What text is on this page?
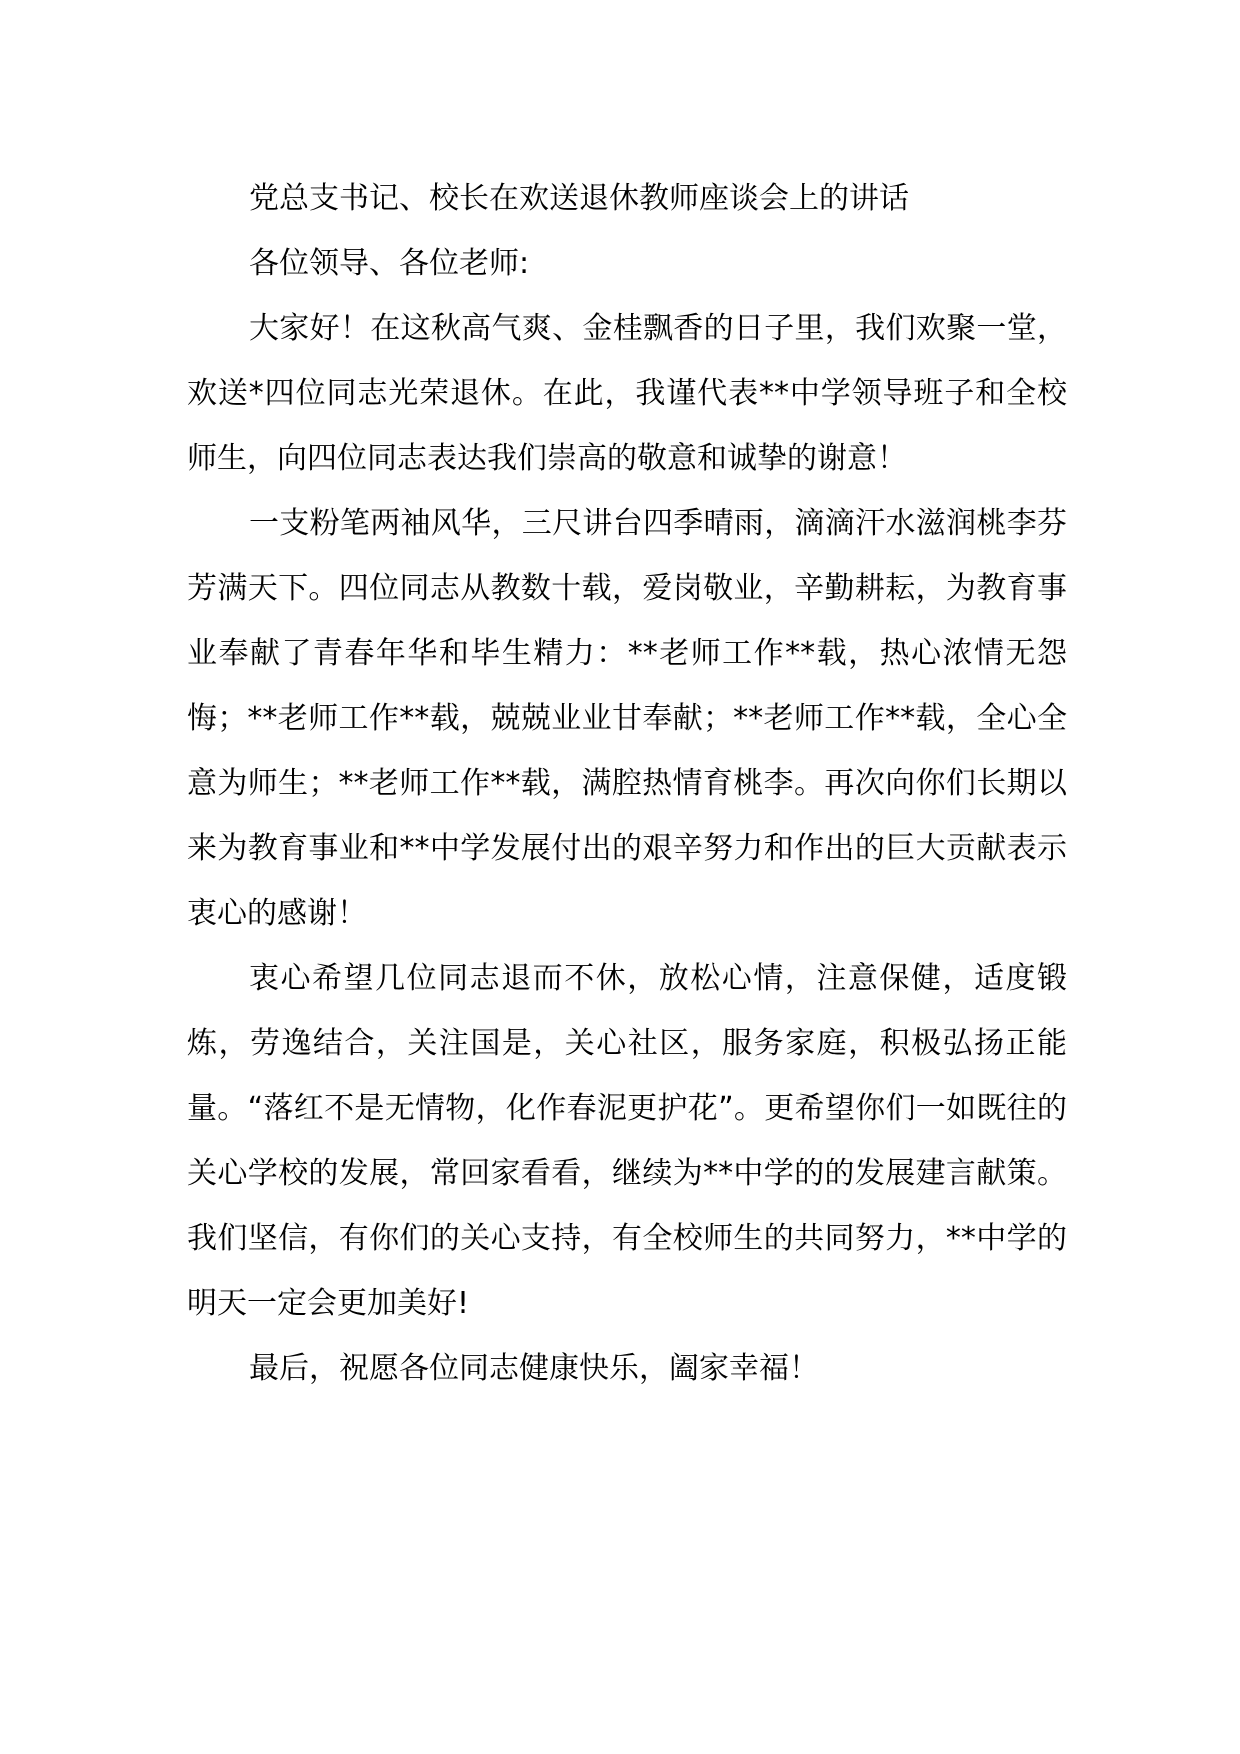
党总支书记、校长在欢送退休教师座谈会上的讲话

各位领导、各位老师:

大家好！在这秋高气爽、金桂飘香的日子里，我们欢聚一堂，欢送*四位同志光荣退休。在此，我谨代表**中学领导班子和全校师生，向四位同志表达我们崇高的敬意和诚挚的谢意！

一支粉笔两袖风华，三尺讲台四季晴雨，滴滴汗水滋润桃李芬芳满天下。四位同志从教数十载，爱岗敬业，辛勤耕耘，为教育事业奉献了青春年华和毕生精力：**老师工作**载，热心浓情无怨悔；**老师工作**载，兢兢业业甘奉献；**老师工作**载，全心全意为师生；**老师工作**载，满腔热情育桃李。再次向你们长期以来为教育事业和**中学发展付出的艰辛努力和作出的巨大贡献表示衷心的感谢！

衷心希望几位同志退而不休，放松心情，注意保健，适度锻炼，劳逸结合，关注国是，关心社区，服务家庭，积极弘扬正能量。“落红不是无情物，化作春泥更护花”。更希望你们一如既往的关心学校的发展，常回家看看，继续为**中学的的发展建言献策。我们坚信，有你们的关心支持，有全校师生的共同努力，**中学的明天一定会更加美好!

最后，祝愿各位同志健康快乐，阖家幸福！
